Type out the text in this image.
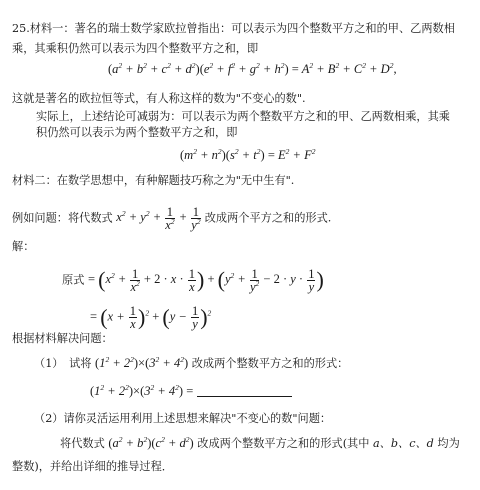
25.材料一：著名的瑞士数学家欧拉曾指出：可以表示为四个整数平方之和的甲、乙两数相
乘，其乘积仍然可以表示为四个整数平方之和，即
$(a^2 + b^2 + c^2 + d^2)(e^2 + f^2 + g^2 + h^2) = A^2 + B^2 + C^2 + D^2$,
这就是著名的欧拉恒等式，有人称这样的数为"不变心的数".
实际上，上述结论可减弱为：可以表示为两个整数平方之和的甲、乙两数相乘，其乘
积仍然可以表示为两个整数平方之和，即
$(m^2 + n^2)(s^2 + t^2) = E^2 + F^2$
材料二：在数学思想中，有种解题技巧称之为"无中生有".
例如问题：将代数式 $x^2 + y^2 + \frac{1}{x^2} + \frac{1}{y^2}$ 改成两个平方之和的形式.
解：
原式 = ($x^2 + \frac{1}{x^2} + 2 \cdot x \cdot \frac{1}{x}$ ) + ($y^2 + \frac{1}{y^2} - 2 \cdot y \cdot \frac{1}{y}$ )
= $(x + \frac{1}{x} )^2 + (y - \frac{1}{y} )^2$
根据材料解决问题：
（1）　试将 $(1^2 + 2^2)\times(3^2 + 4^2)$ 改成两个整数平方之和的形式：
$(1^2 + 2^2)\times(3^2 + 4^2)$ =
（2）请你灵活运用利用上述思想来解决"不变心的数"问题：
将代数式 $(a^2 + b^2)(c^2 + d^2)$ 改成两个整数平方之和的形式(其中 a、b、c、d 均为
整数)，并给出详细的推导过程．
